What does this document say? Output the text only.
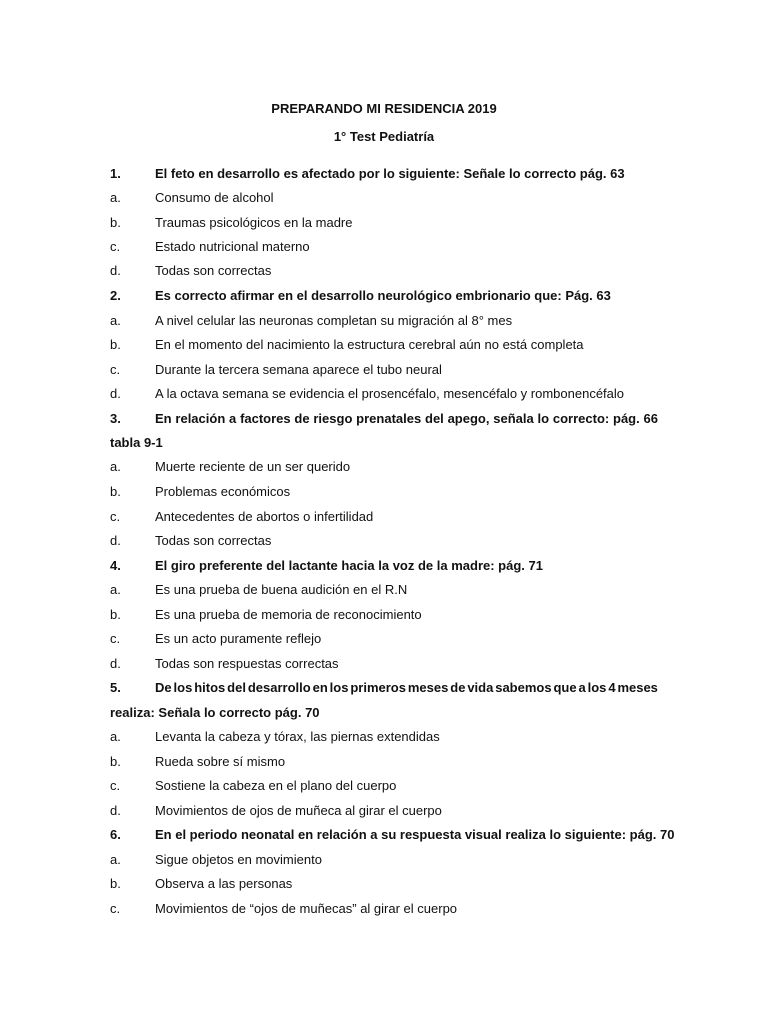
PREPARANDO MI RESIDENCIA 2019
1° Test Pediatría
1.	El feto en desarrollo es afectado por lo siguiente: Señale lo correcto pág. 63
a.	Consumo de alcohol
b.	Traumas psicológicos en la madre
c.	Estado nutricional materno
d.	Todas son correctas
2.	Es correcto afirmar en el desarrollo neurológico embrionario que: Pág. 63
a.	A nivel celular las neuronas completan su migración al 8° mes
b.	En el momento del nacimiento la estructura cerebral aún no está completa
c.	Durante la tercera semana aparece el tubo neural
d.	A la octava semana se evidencia el prosencéfalo, mesencéfalo y rombonencéfalo
3.	En relación a factores de riesgo prenatales del apego, señala lo correcto: pág. 66
tabla 9-1
a.	Muerte reciente de un ser querido
b.	Problemas económicos
c.	Antecedentes de abortos o infertilidad
d.	Todas son correctas
4.	El giro preferente del lactante hacia la voz de la madre: pág. 71
a.	Es una prueba de buena audición en el R.N
b.	Es una prueba de memoria de reconocimiento
c.	Es un acto puramente reflejo
d.	Todas son respuestas correctas
5.	De los hitos del desarrollo en los primeros meses de vida sabemos que a los 4 meses
realiza: Señala lo correcto pág. 70
a.	Levanta la cabeza y tórax, las piernas extendidas
b.	Rueda sobre sí mismo
c.	Sostiene la cabeza en el plano del cuerpo
d.	Movimientos de ojos de muñeca al girar el cuerpo
6.	En el periodo neonatal en relación a su respuesta visual realiza lo siguiente: pág. 70
a.	Sigue objetos en movimiento
b.	Observa a las personas
c.	Movimientos de “ojos de muñecas” al girar el cuerpo
